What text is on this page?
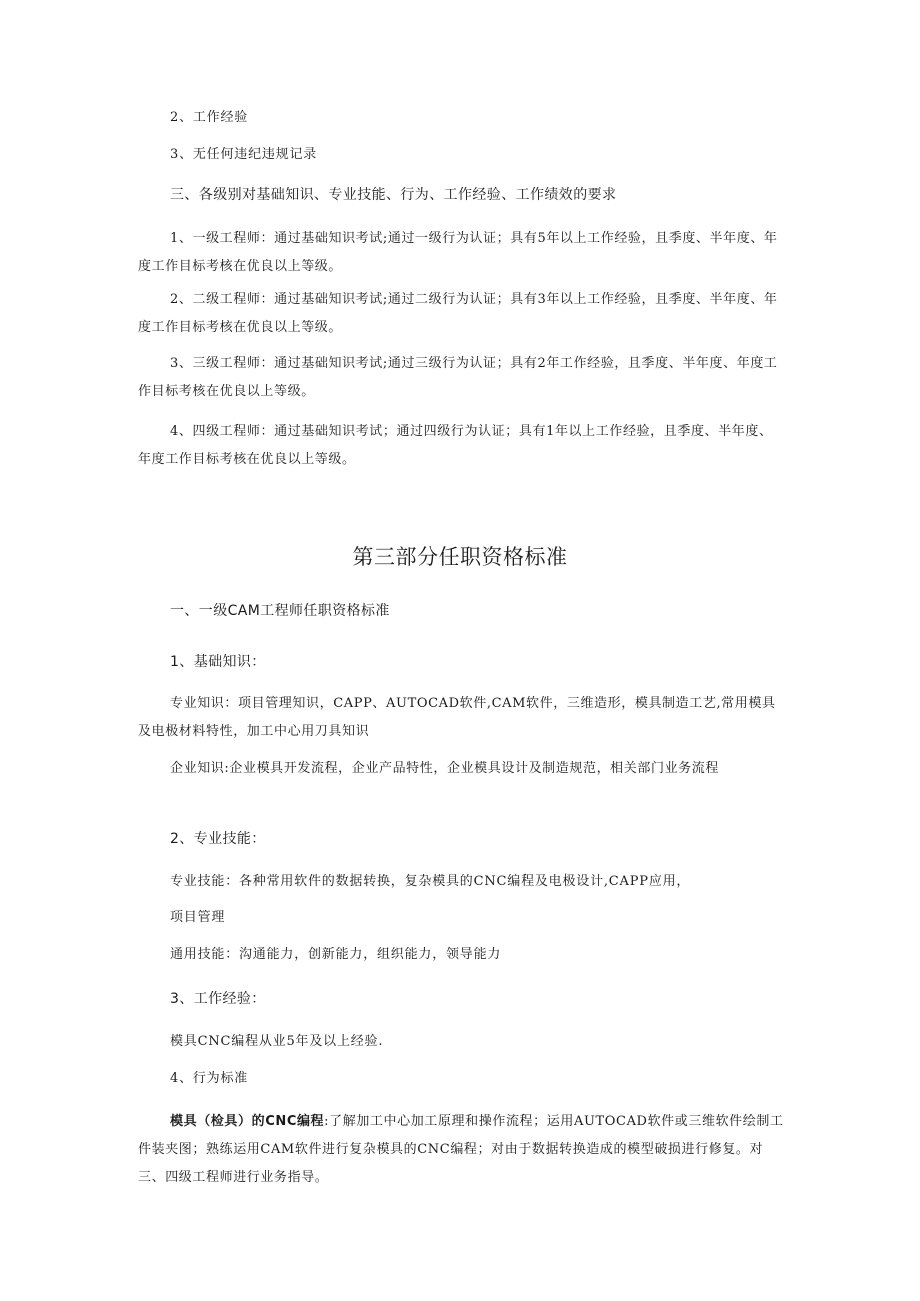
2、工作经验

3、无任何违纪违规记录

三、各级别对基础知识、专业技能、行为、工作经验、工作绩效的要求

1、一级工程师：通过基础知识考试;通过一级行为认证；具有5年以上工作经验，且季度、半年度、年度工作目标考核在优良以上等级。

2、二级工程师：通过基础知识考试;通过二级行为认证；具有3年以上工作经验，且季度、半年度、年度工作目标考核在优良以上等级。

3、三级工程师：通过基础知识考试;通过三级行为认证；具有2年工作经验，且季度、半年度、年度工作目标考核在优良以上等级。

4、四级工程师：通过基础知识考试；通过四级行为认证；具有1年以上工作经验，且季度、半年度、年度工作目标考核在优良以上等级。

第三部分任职资格标准

一、一级CAM工程师任职资格标准

1、基础知识：

专业知识：项目管理知识，CAPP、AUTOCAD软件,CAM软件，三维造形，模具制造工艺,常用模具及电极材料特性，加工中心用刀具知识

企业知识:企业模具开发流程，企业产品特性，企业模具设计及制造规范，相关部门业务流程

2、专业技能：

专业技能：各种常用软件的数据转换，复杂模具的CNC编程及电极设计,CAPP应用，

项目管理

通用技能：沟通能力，创新能力，组织能力，领导能力

3、工作经验：

模具CNC编程从业5年及以上经验.

4、行为标准

模具（检具）的CNC编程:了解加工中心加工原理和操作流程；运用AUTOCAD软件或三维软件绘制工件装夹图；熟练运用CAM软件进行复杂模具的CNC编程；对由于数据转换造成的模型破损进行修复。对三、四级工程师进行业务指导。
